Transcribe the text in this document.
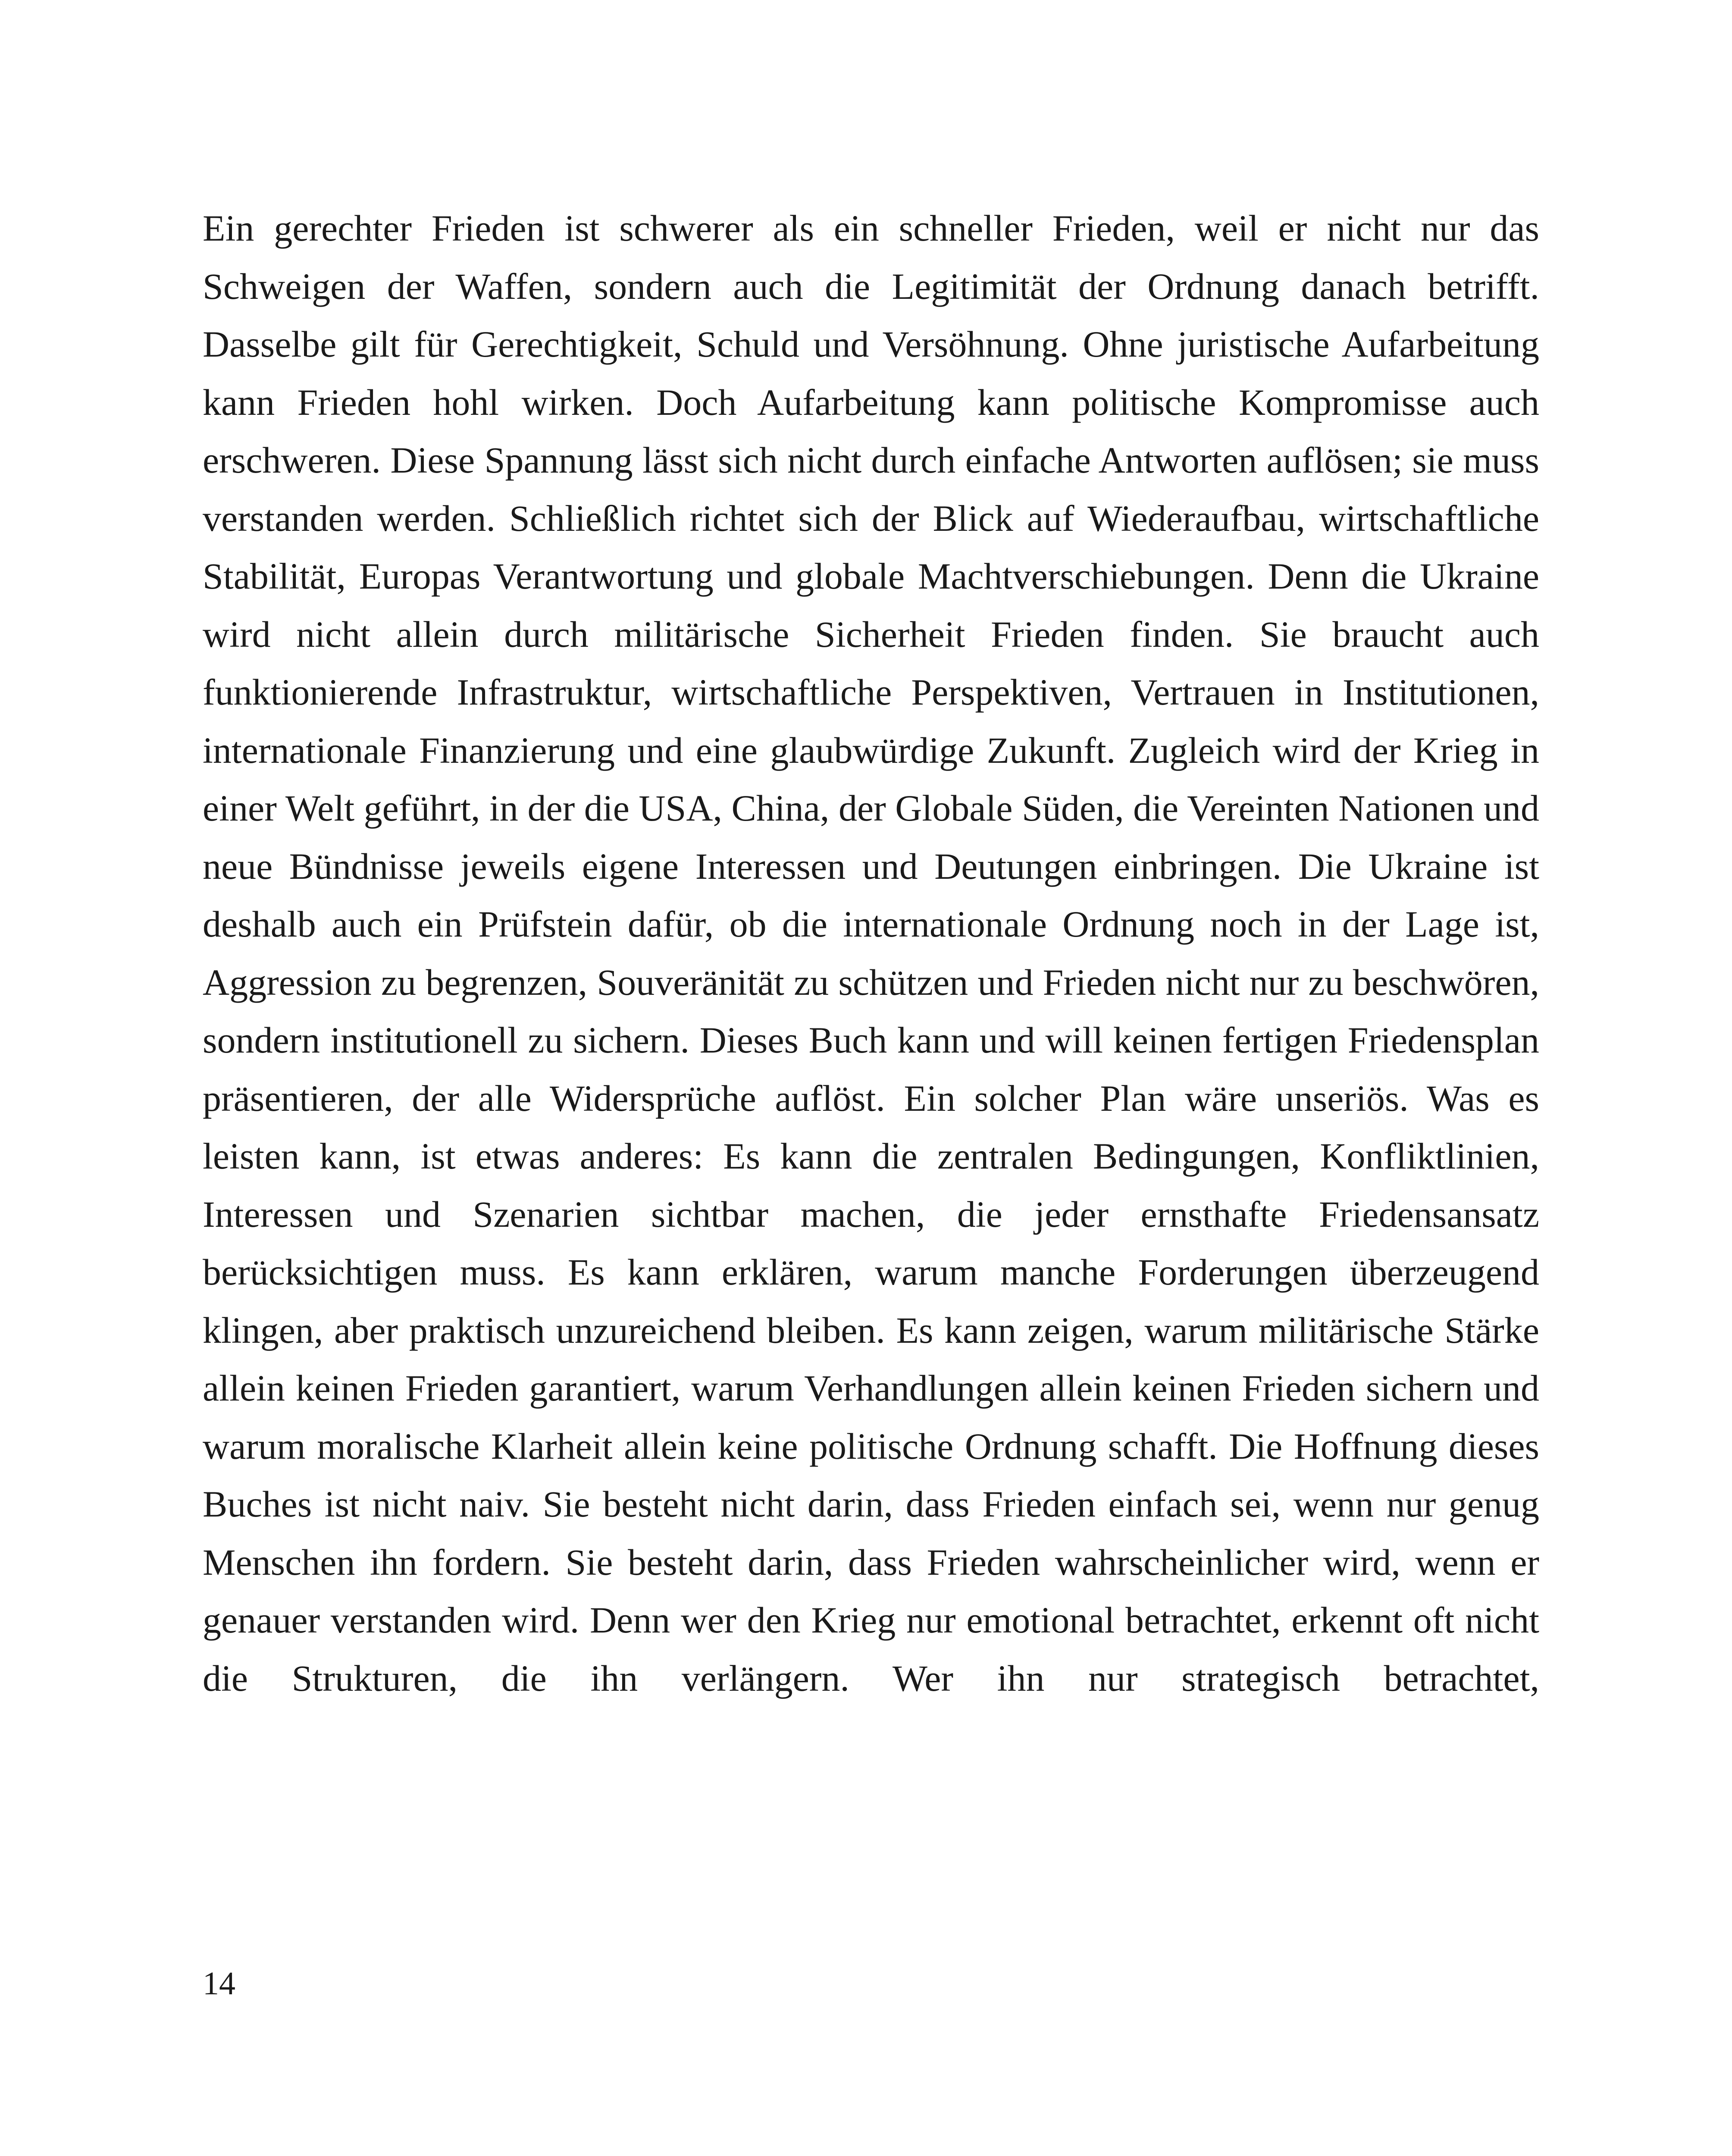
Ein gerechter Frieden ist schwerer als ein schneller Frieden, weil er nicht nur das Schweigen der Waffen, sondern auch die Legitimität der Ordnung danach betrifft. Dasselbe gilt für Gerechtigkeit, Schuld und Versöhnung. Ohne juristische Aufarbeitung kann Frieden hohl wirken. Doch Aufarbeitung kann politische Kompromisse auch erschweren. Diese Spannung lässt sich nicht durch einfache Antworten auflösen; sie muss verstanden werden. Schließlich richtet sich der Blick auf Wiederaufbau, wirtschaftliche Stabilität, Europas Verantwortung und globale Machtverschiebungen. Denn die Ukraine wird nicht allein durch militärische Sicherheit Frieden finden. Sie braucht auch funktionierende Infrastruktur, wirtschaftliche Perspektiven, Vertrauen in Institutionen, internationale Finanzierung und eine glaubwürdige Zukunft. Zugleich wird der Krieg in einer Welt geführt, in der die USA, China, der Globale Süden, die Vereinten Nationen und neue Bündnisse jeweils eigene Interessen und Deutungen einbringen. Die Ukraine ist deshalb auch ein Prüfstein dafür, ob die internationale Ordnung noch in der Lage ist, Aggression zu begrenzen, Souveränität zu schützen und Frieden nicht nur zu beschwören, sondern institutionell zu sichern. Dieses Buch kann und will keinen fertigen Friedensplan präsentieren, der alle Widersprüche auflöst. Ein solcher Plan wäre unseriös. Was es leisten kann, ist etwas anderes: Es kann die zentralen Bedingungen, Konfliktlinien, Interessen und Szenarien sichtbar machen, die jeder ernsthafte Friedensansatz berücksichtigen muss. Es kann erklären, warum manche Forderungen überzeugend klingen, aber praktisch unzureichend bleiben. Es kann zeigen, warum militärische Stärke allein keinen Frieden garantiert, warum Verhandlungen allein keinen Frieden sichern und warum moralische Klarheit allein keine politische Ordnung schafft. Die Hoffnung dieses Buches ist nicht naiv. Sie besteht nicht darin, dass Frieden einfach sei, wenn nur genug Menschen ihn fordern. Sie besteht darin, dass Frieden wahrscheinlicher wird, wenn er genauer verstanden wird. Denn wer den Krieg nur emotional betrachtet, erkennt oft nicht die Strukturen, die ihn verlängern. Wer ihn nur strategisch betrachtet,

14
